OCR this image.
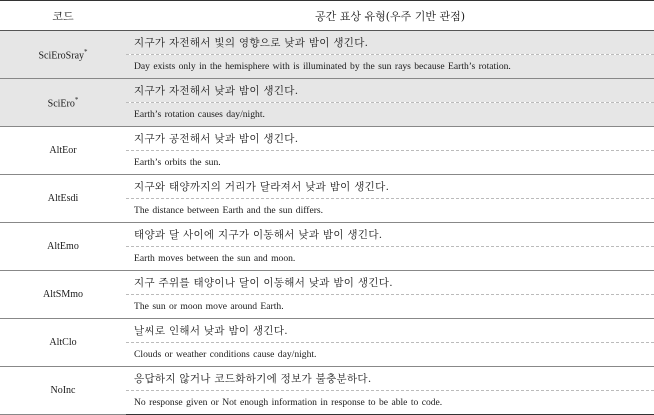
코드	공간 표상 유형(우주 기반 관점)
SciEroSray*	지구가 자전해서 빛의 영향으로 낮과 밤이 생긴다.
	Day exists only in the hemisphere with is illuminated by the sun rays because Earth’s rotation.
SciEro*	지구가 자전해서 낮과 밤이 생긴다.
	Earth’s rotation causes day/night.
AltEor	지구가 공전해서 낮과 밤이 생긴다.
	Earth’s orbits the sun.
AltEsdi	지구와 태양까지의 거리가 달라져서 낮과 밤이 생긴다.
	The distance between Earth and the sun differs.
AltEmo	태양과 달 사이에 지구가 이동해서 낮과 밤이 생긴다.
	Earth moves between the sun and moon.
AltSMmo	지구 주위를 태양이나 달이 이동해서 낮과 밤이 생긴다.
	The sun or moon move around Earth.
AltClo	날씨로 인해서 낮과 밤이 생긴다.
	Clouds or weather conditions cause day/night.
NoInc	응답하지 않거나 코드화하기에 정보가 불충분하다.
	No response given or Not enough information in response to be able to code.
